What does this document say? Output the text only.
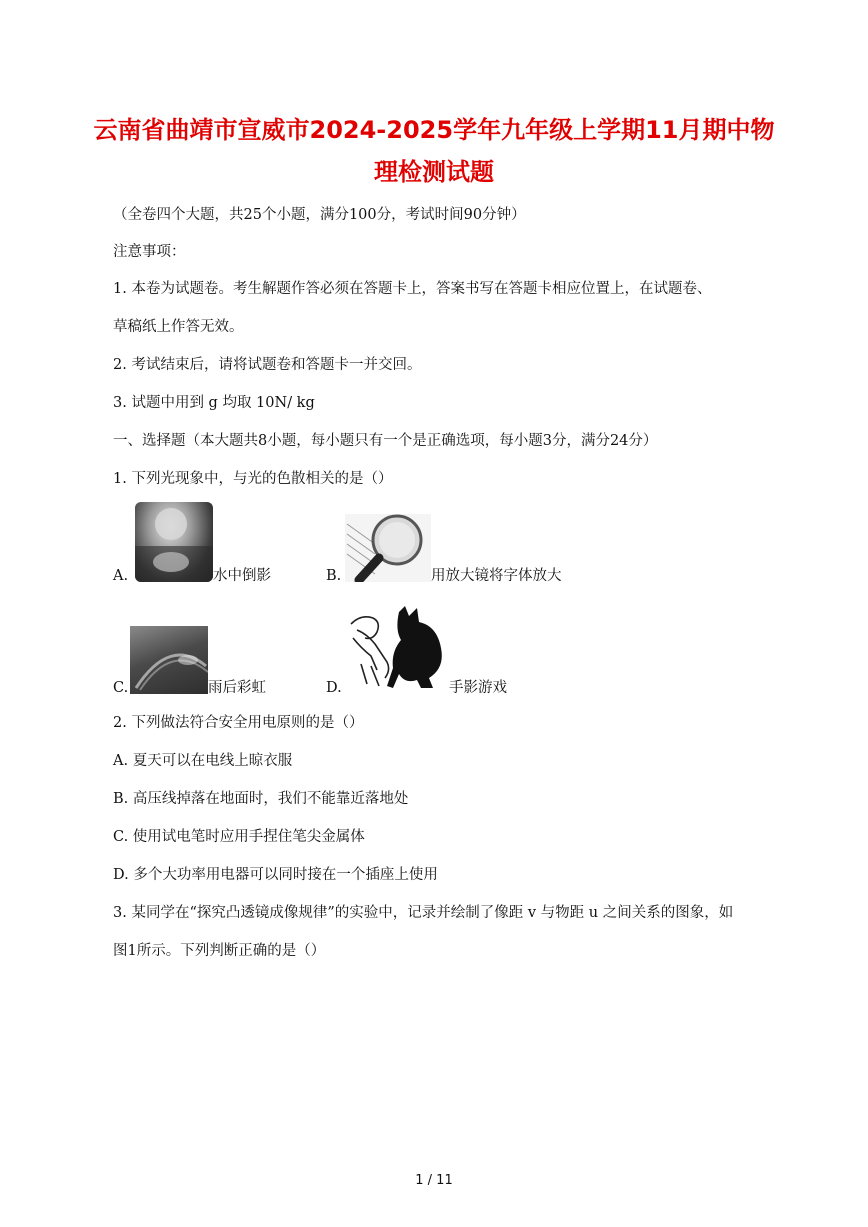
云南省曲靖市宣威市2024-2025学年九年级上学期11月期中物
理检测试题
（全卷四个大题，共25个小题，满分100分，考试时间90分钟）
注意事项：
1. 本卷为试题卷。考生解题作答必须在答题卡上，答案书写在答题卡相应位置上，在试题卷、
草稿纸上作答无效。
2. 考试结束后，请将试题卷和答题卡一并交回。
3. 试题中用到 g 均取 10N/ kg
一、选择题（本大题共8小题，每小题只有一个是正确选项，每小题3分，满分24分）
1. 下列光现象中，与光的色散相关的是（）
A.	水中倒影	B.	用放大镜将字体放大
C.	雨后彩虹	D.	手影游戏
2. 下列做法符合安全用电原则的是（）
A. 夏天可以在电线上晾衣服
B. 高压线掉落在地面时，我们不能靠近落地处
C. 使用试电笔时应用手捏住笔尖金属体
D. 多个大功率用电器可以同时接在一个插座上使用
3. 某同学在“探究凸透镜成像规律”的实验中，记录并绘制了像距 v 与物距 u 之间关系的图象，如
图1所示。下列判断正确的是（）
1 / 11
